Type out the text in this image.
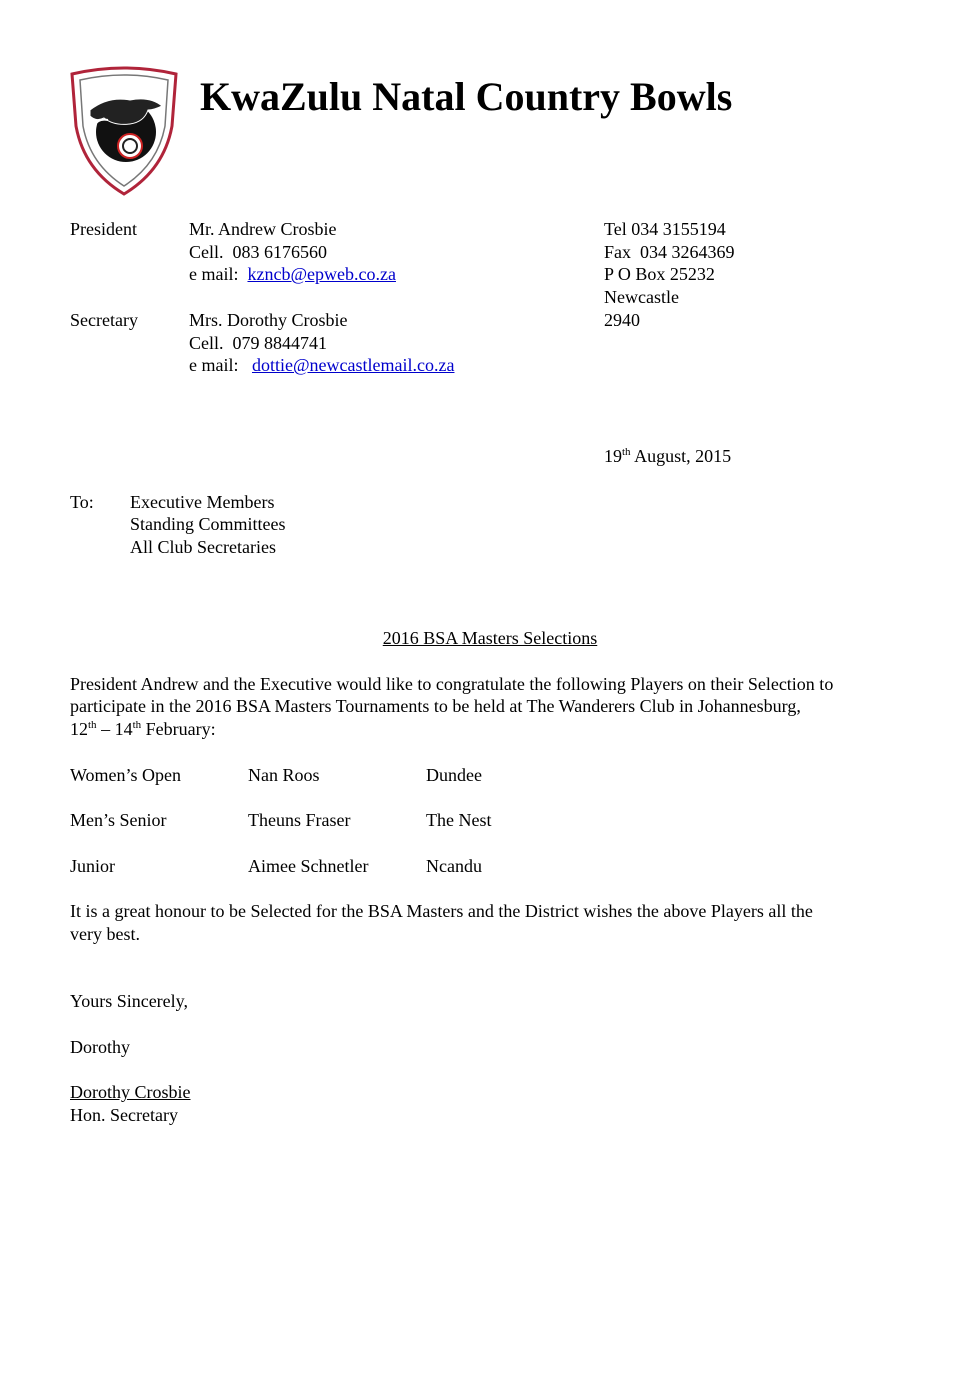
KwaZulu Natal Country Bowls
President	Mr. Andrew Crosbie
Cell. 083 6176560
e mail: kzncb@epweb.co.za
Secretary	Mrs. Dorothy Crosbie
Cell. 079 8844741
e mail: dottie@newcastlemail.co.za
Tel 034 3155194
Fax  034 3264369
P O Box 25232
Newcastle
2940
19th August, 2015
To: Executive Members
Standing Committees
All Club Secretaries
2016 BSA Masters Selections
President Andrew and the Executive would like to congratulate the following Players on their Selection to
participate in the 2016 BSA Masters Tournaments to be held at The Wanderers Club in Johannesburg,
12th – 14th February:
Women’s Open	Nan Roos	Dundee
Men’s Senior	Theuns Fraser	The Nest
Junior	Aimee Schnetler	Ncandu
It is a great honour to be Selected for the BSA Masters and the District wishes the above Players all the
very best.
Yours Sincerely,
Dorothy
Dorothy Crosbie
Hon. Secretary
